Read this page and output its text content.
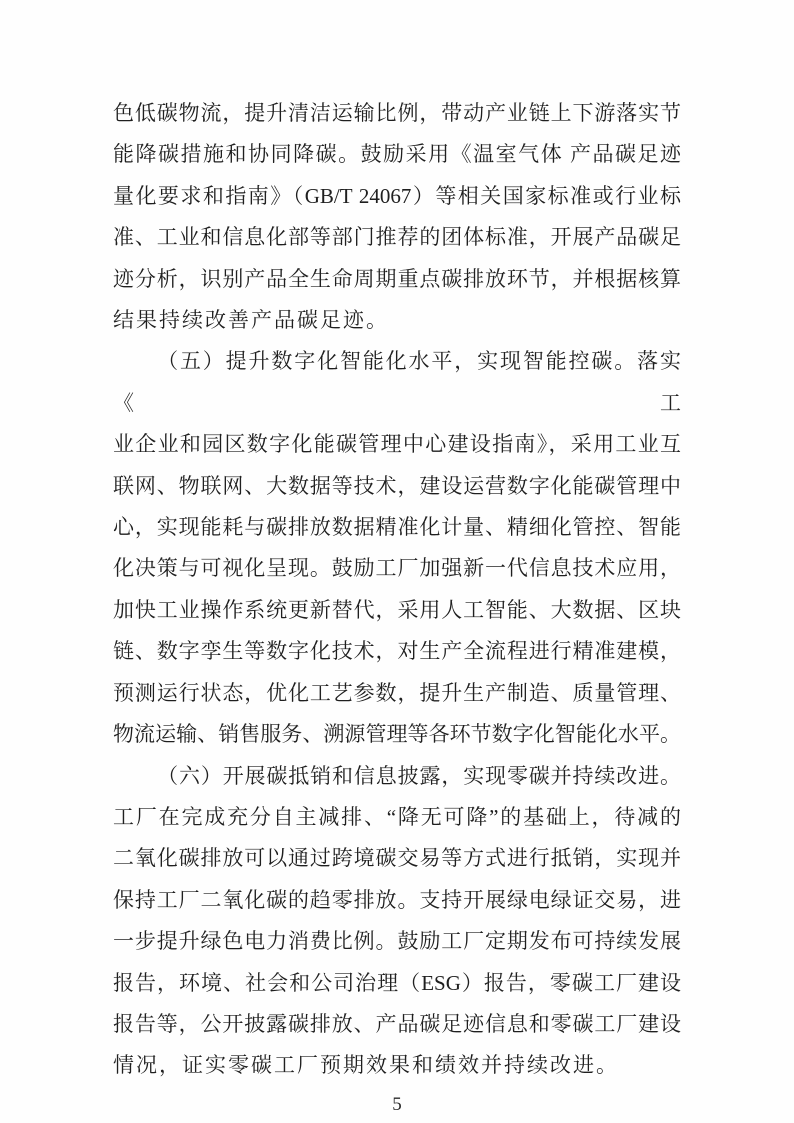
色低碳物流，提升清洁运输比例，带动产业链上下游落实节
能降碳措施和协同降碳。鼓励采用《温室气体 产品碳足迹
量化要求和指南》（GB/T 24067）等相关国家标准或行业标
准、工业和信息化部等部门推荐的团体标准，开展产品碳足
迹分析，识别产品全生命周期重点碳排放环节，并根据核算
结果持续改善产品碳足迹。
（五）提升数字化智能化水平，实现智能控碳。落实《工
业企业和园区数字化能碳管理中心建设指南》，采用工业互
联网、物联网、大数据等技术，建设运营数字化能碳管理中
心，实现能耗与碳排放数据精准化计量、精细化管控、智能
化决策与可视化呈现。鼓励工厂加强新一代信息技术应用，
加快工业操作系统更新替代，采用人工智能、大数据、区块
链、数字孪生等数字化技术，对生产全流程进行精准建模，
预测运行状态，优化工艺参数，提升生产制造、质量管理、
物流运输、销售服务、溯源管理等各环节数字化智能化水平。
（六）开展碳抵销和信息披露，实现零碳并持续改进。
工厂在完成充分自主减排、“降无可降”的基础上，待减的
二氧化碳排放可以通过跨境碳交易等方式进行抵销，实现并
保持工厂二氧化碳的趋零排放。支持开展绿电绿证交易，进
一步提升绿色电力消费比例。鼓励工厂定期发布可持续发展
报告，环境、社会和公司治理（ESG）报告，零碳工厂建设
报告等，公开披露碳排放、产品碳足迹信息和零碳工厂建设
情况，证实零碳工厂预期效果和绩效并持续改进。
5
